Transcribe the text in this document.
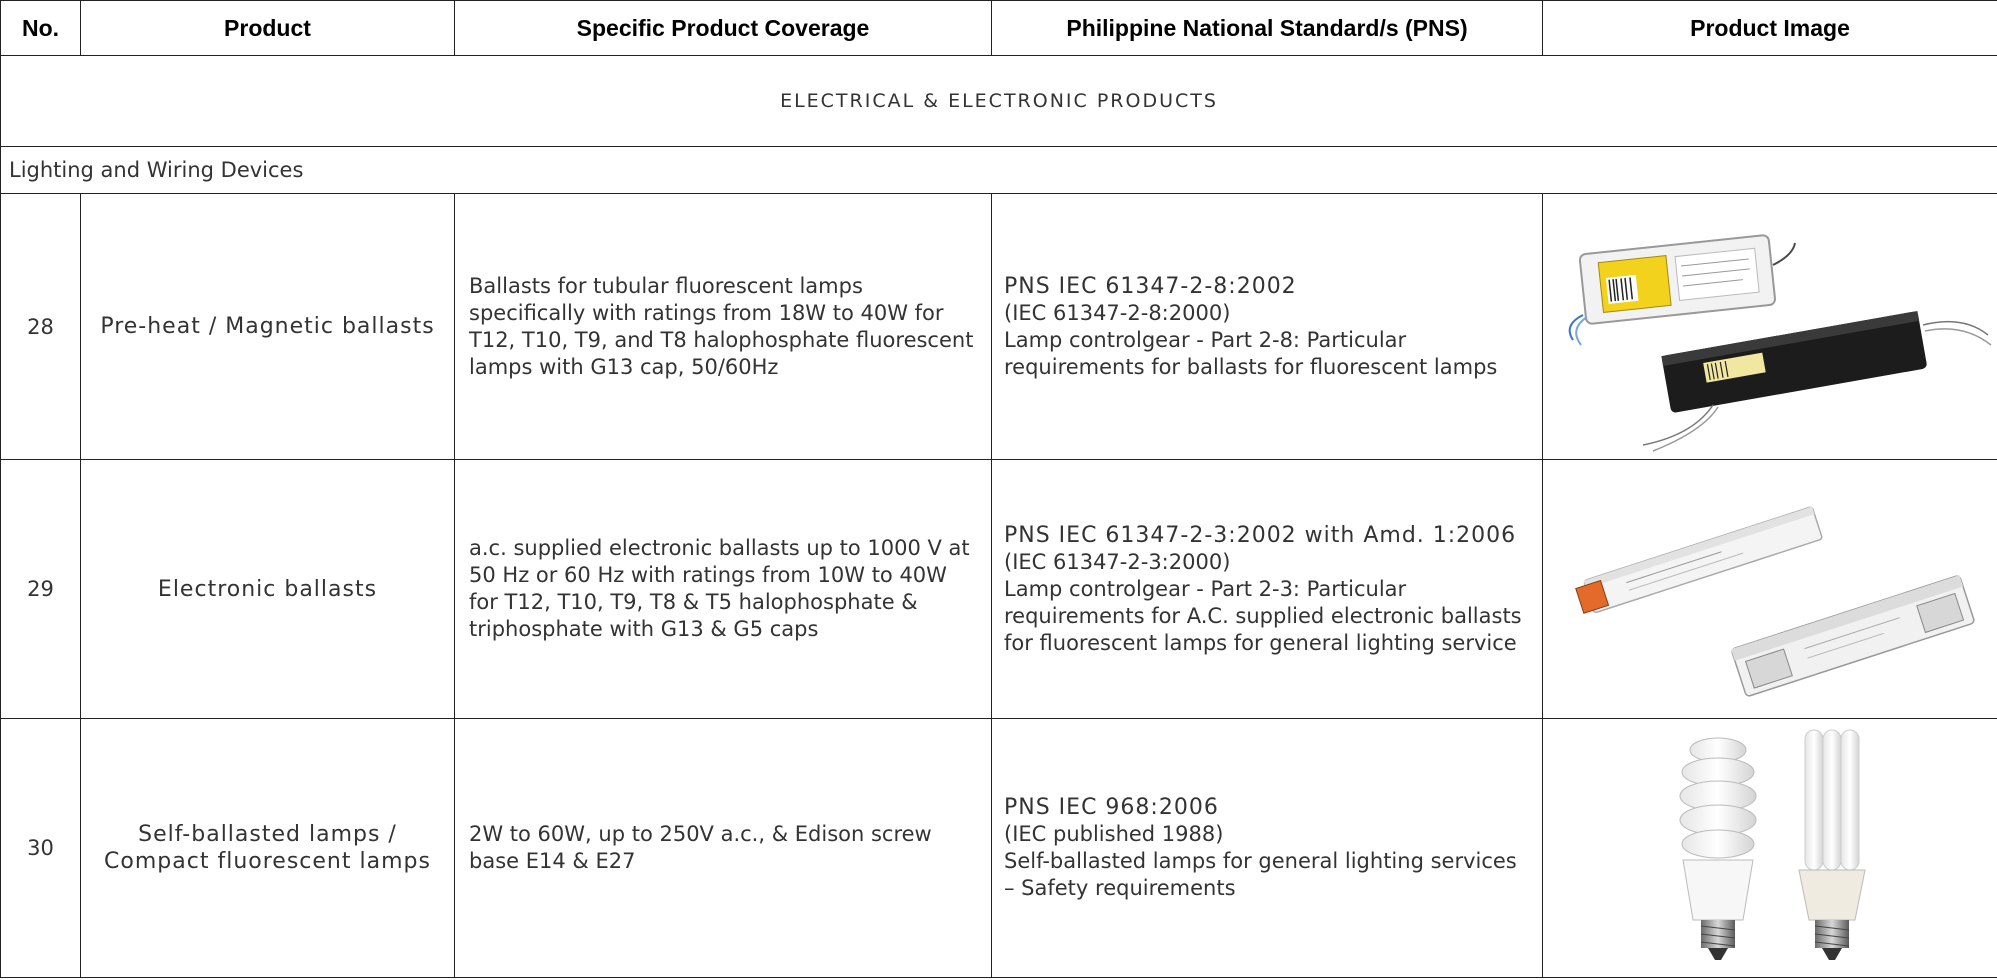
No.	Product	Specific Product Coverage	Philippine National Standard/s (PNS)	Product Image
ELECTRICAL & ELECTRONIC PRODUCTS				
Lighting and Wiring Devices				
28	Pre-heat / Magnetic ballasts	Ballasts for tubular fluorescent lamps specifically with ratings from 18W to 40W for T12, T10, T9, and T8 halophosphate fluorescent lamps with G13 cap, 50/60Hz	PNS IEC 61347-2-8:2002
(IEC 61347-2-8:2000)
Lamp controlgear - Part 2-8: Particular requirements for ballasts for fluorescent lamps

29	Electronic ballasts	a.c. supplied electronic ballasts up to 1000 V at 50 Hz or 60 Hz with ratings from 10W to 40W for T12, T10, T9, T8 & T5 halophosphate & triphosphate with G13 & G5 caps	PNS IEC 61347-2-3:2002 with Amd. 1:2006
(IEC 61347-2-3:2000)
Lamp controlgear - Part 2-3: Particular requirements for A.C. supplied electronic ballasts for fluorescent lamps for general lighting service

30	Self-ballasted lamps / Compact fluorescent lamps	2W to 60W, up to 250V a.c., & Edison screw base E14 & E27	PNS IEC 968:2006
(IEC published 1988)
Self-ballasted lamps for general lighting services – Safety requirements
